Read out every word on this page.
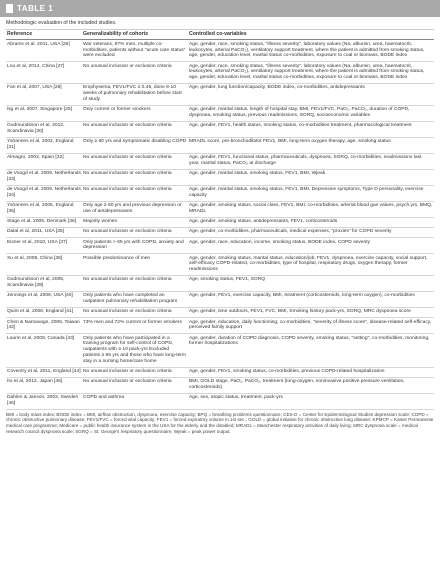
TABLE 1
Methodologic evaluation of the included studies.
Reference	Generalizability of cohorts	Controlled co-variables
Abrams et al. 2011, USA [26]	War veterans, 97% men, multiple co-morbidities, patients without "acute care status" were excluded	Age, gender, race, smoking status, "illness severity", laboratory values (Na, albumin, urea, haematocrit, leukocytes, arterial PaCO₂), ventilatory support treatment, where the patient is admitted from smoking status, age, gender, education level, marital status co-morbidities, exposure to coal or biomass, BODE index
Lou et al, 2014, China [27]	No unusual inclusion or exclusion criteria	Age, gender, race, smoking status, "illness severity", laboratory values (Na, albumin, urea, haematocrit, leukocytes, arterial PaCO₂), ventilatory support treatment, where the patient is admitted from smoking status, age, gender, education level, marital status co-morbidities, exposure to coal or biomass, BODE index
Fan et al, 2007, USA [28]	Emphysema, FEV1/FVC ≤ 0.45, done 6-10 weeks of pulmonary rehabilitation before start of study	Age, gender, lung function/capacity, BODE index, co-morbidities, antidepressants
Ng et al, 2007, Singapore [29]	Only current or former smokers	Age, gender, marital status, length of hospital stay, BMI, FEV1/FVC, PaO₂, PaCO₂, duration of COPD, dyspnoea, smoking status, previous readmissions, SGRQ, socioeconomic variables
Gudmundsson et al, 2012, Scandinavia [30]	No unusual inclusion or exclusion criteria	Age, gender, FEV1, health status, smoking status, co-morbidities treatment, pharmacological treatment
Yohannes et al, 2002, England [31]	Only ≥ 60 yrs and symptomatic disabling COPD	MRADL score, pre-bronchodilator FEV1, BMI, long-term oxygen therapy, age, smoking status
Almagro, 2002, Spain [32]	No unusual inclusion or exclusion criteria	Age, gender, FEV1, functional status, pharmaceuticals, dyspnoea, SGRQ, co-morbidities, readmissions last year, marital status, PaCO₂ at discharge
de Voogd et al, 2009, Netherlands [33]	No unusual inclusion or exclusion criteria	Age, gender, marital status, smoking status, FEV1, BMI, Wjeak
de Voogd et al, 2009, Netherlands [34]	No unusual inclusion or exclusion criteria	Age, gender, marital status, smoking status, FEV1, BMI, Depressive symptoms, Type D personality, exercise capacity
Yohannes et al, 2005, England [35]	Only age ≥ 60 yrs and previous depression or use of antidepressants	Age, gender, smoking status, social class, FEV1, BMI, co-morbidities, arterial blood gas values, psych.yrs, BMQ, MRADL
Stage et al, 2005, Denmark [36]	Majority women	Age, gender, smoking status, antidepressants, FEV1, corticosteroids
Dalal et al, 2011, USA [25]	No unusual inclusion or exclusion criteria	Age, gender, co-morbidities, pharmaceuticals, medical expenses, "proxies" for COPD severity
Eisner et al, 2010, USA [37]	Only patients > 65 yrs with COPD, anxiety and depression	Age, gender, race, education, income, smoking status, BODE index, COPD severity
Xu et al, 2008, China [38]	Possible predominance of men	Age, gender, smoking status, marital status, education/job, FEV1, dyspnoea, exercise capacity, social support, self-efficacy COPD-related, co-morbidities, type of hospital, respiratory drugs, oxygen therapy, former readmissions
Gudmundsson et al, 2005, Scandinavia [39]	No unusual inclusion or exclusion criteria	Age, smoking status, FEV1, SGRQ
Jennings et al, 2009, USA [40]	Only patients who have completed an outpatient pulmonary rehabilitation program	Age, gender, FEV1, exercise capacity, BMI, treatment (corticosteroids, long-term oxygen), co-morbidities
Quint et al, 2008, England [41]	No unusual inclusion or exclusion criteria	Age, gender, time outdoors, FEV1, FVC, BMI, Smoking history pack-yrs, SGRQ, MRC dyspnoea score
Chen & Narsavage, 2006, Taiwan [42]	73% men and 72% current or former smokers	Age, gender, education, daily functioning, co-morbidities, "severity of illness score", disease-related self-efficacy, perceived family support
Laurin et al, 2009, Canada [43]	Only patients who have participated in a training program for self-control of COPD, outpatients with ≥ 10 pack-yrs Excluded patients ≥ 85 yrs and those who have long-term stay in a nursing home/care home	Age, gender, duration of COPD diagnosis, COPD severity, smoking status, "setting", co-morbidities, monitoring, former hospitalizations
Coventry et al, 2011, England [44]	No unusual inclusion or exclusion criteria	Age, gender, FEV1, smoking status, co-morbidities, previous COPD-related hospitalization
Ito et al, 2012, Japan [45]	No unusual inclusion or exclusion criteria	BMI, GOLD stage, PaO₂, PaCO₂, treatment (long-oxygen, noninvasive positive pressure ventilation, corticosteroids)
Dahlen & Janson, 2002, Sweden [46]	COPD and asthma	Age, sex, atopic status, treatment, pack-yrs
BMI = body mass index; BODE index = BMI, airflow obstruction, dyspnoea, exercise capacity; BPQ = breathing problems questionnaire; CES-D = Center for Epidemiological Studies depression scale; COPD = chronic obstructive pulmonary disease; FEV1/FVC = forced vital capacity; FEV1 = forced expiratory volume in 1st sec.; GOLD = global initiative for chronic obstructive lung disease; KPMCP = Kaiser Permanente medical care programme; Medicare = public health insurance system in the USA for the elderly and the disabled; MRADL = Manchester respiratory activities of daily living; MRC dyspnoea scale = medical research council dyspnoea scale; SGRQ = St. George's respiratory questionnaire; Wjeak = peak power output.
